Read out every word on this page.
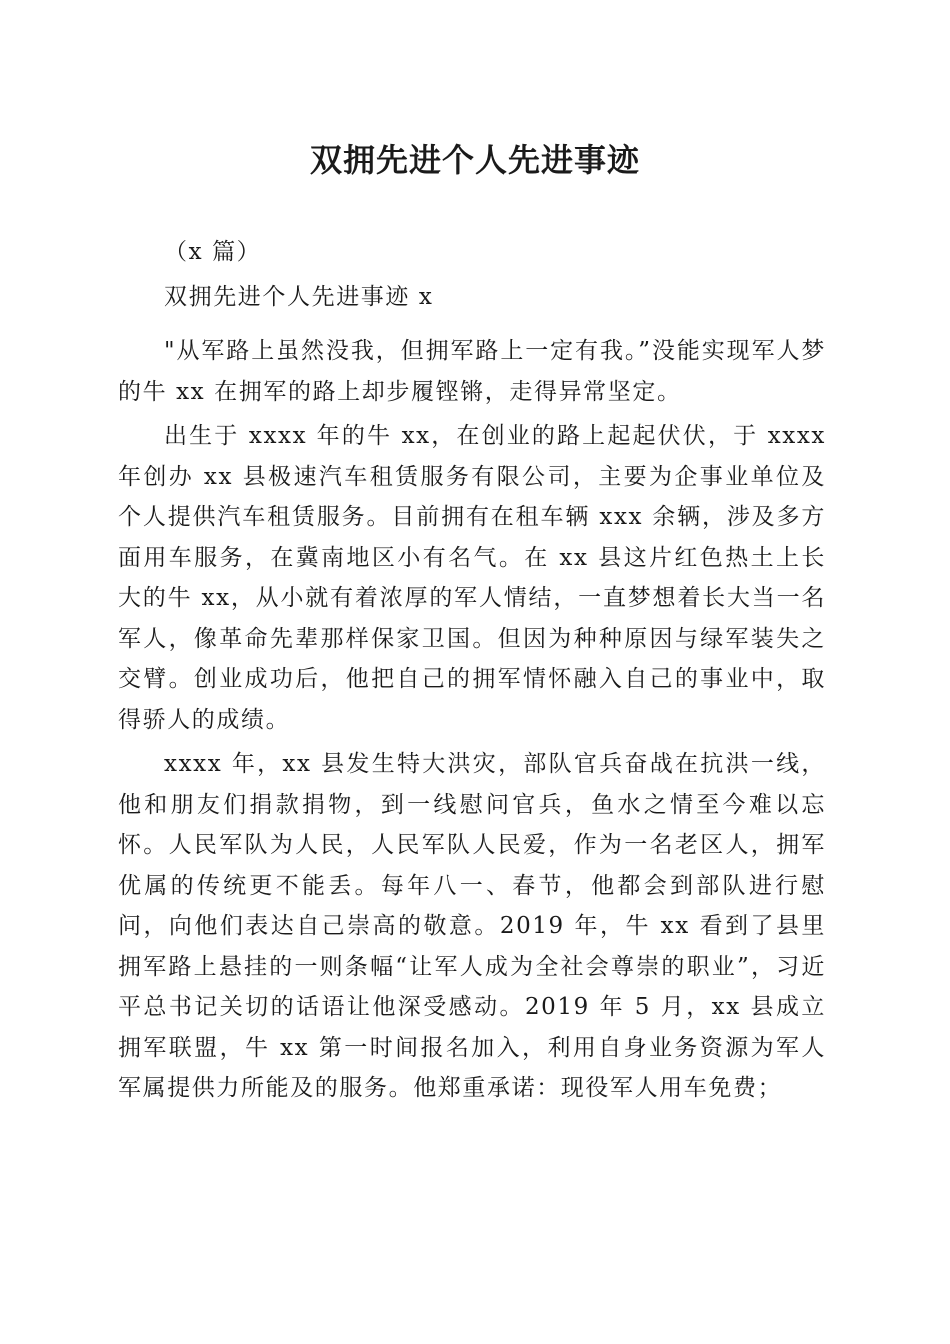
双拥先进个人先进事迹

（x 篇）

双拥先进个人先进事迹 x

"从军路上虽然没我，但拥军路上一定有我。”没能实现军人梦的牛 xx 在拥军的路上却步履铿锵，走得异常坚定。

出生于 xxxx 年的牛 xx，在创业的路上起起伏伏，于 xxxx 年创办 xx 县极速汽车租赁服务有限公司，主要为企事业单位及个人提供汽车租赁服务。目前拥有在租车辆 xxx 余辆，涉及多方面用车服务，在冀南地区小有名气。在 xx 县这片红色热土上长大的牛 xx，从小就有着浓厚的军人情结，一直梦想着长大当一名军人，像革命先辈那样保家卫国。但因为种种原因与绿军装失之交臂。创业成功后，他把自己的拥军情怀融入自己的事业中，取得骄人的成绩。

xxxx 年，xx 县发生特大洪灾，部队官兵奋战在抗洪一线，他和朋友们捐款捐物，到一线慰问官兵，鱼水之情至今难以忘怀。人民军队为人民，人民军队人民爱，作为一名老区人，拥军优属的传统更不能丢。每年八一、春节，他都会到部队进行慰问，向他们表达自己崇高的敬意。2019 年，牛 xx 看到了县里拥军路上悬挂的一则条幅“让军人成为全社会尊崇的职业”，习近平总书记关切的话语让他深受感动。2019 年 5 月，xx 县成立拥军联盟，牛 xx 第一时间报名加入，利用自身业务资源为军人军属提供力所能及的服务。他郑重承诺：现役军人用车免费；
